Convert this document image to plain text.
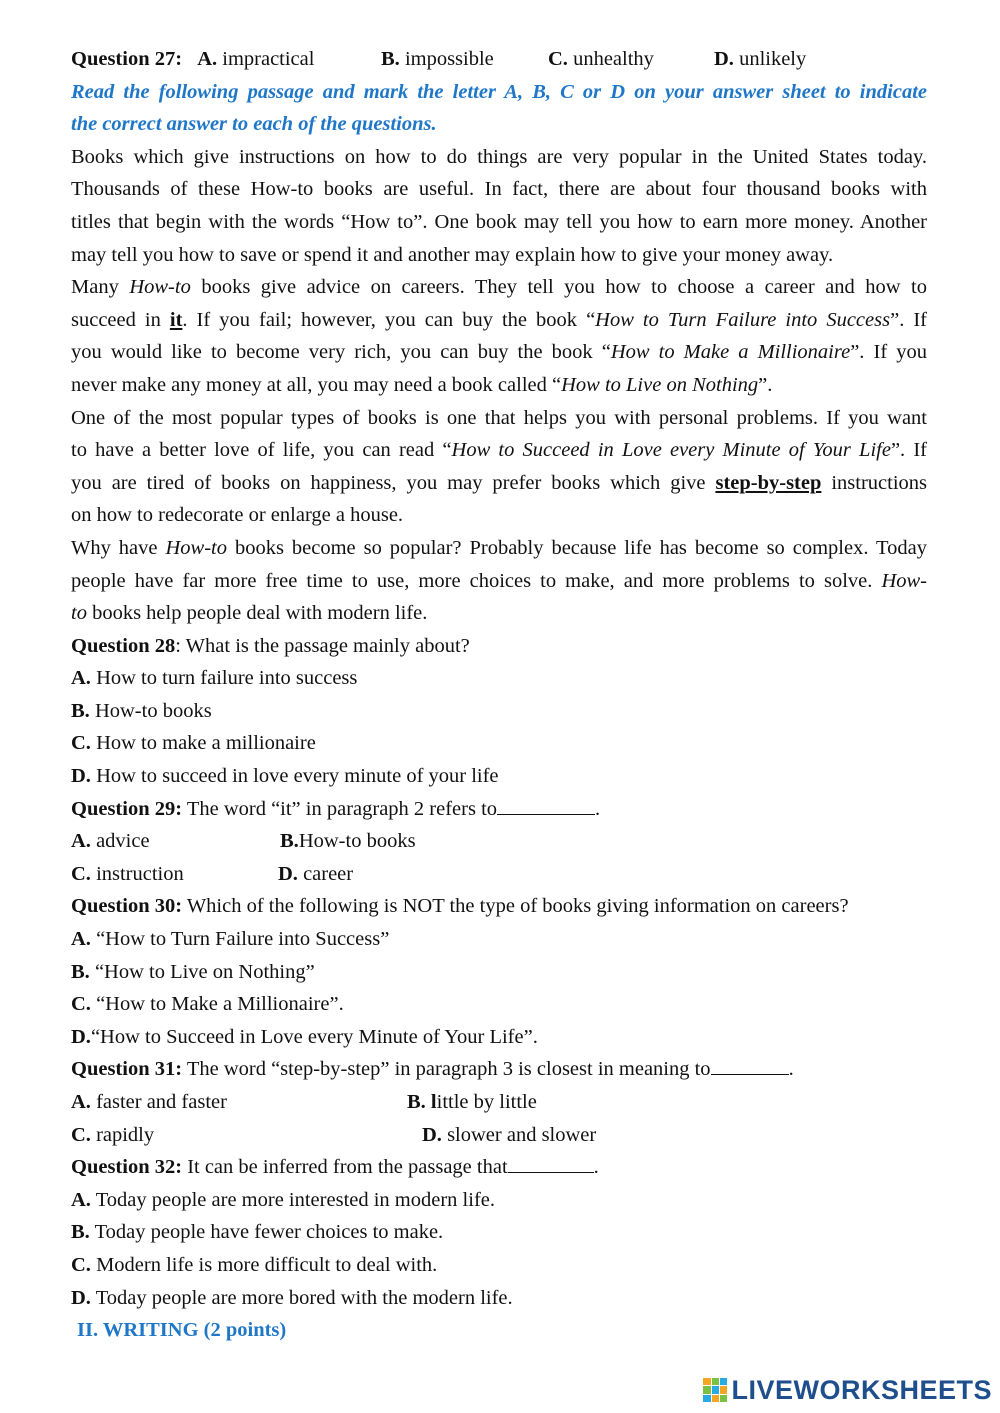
Question 27: A. impractical	B. impossible	C. unhealthy	D. unlikely
Read the following passage and mark the letter A, B, C or D on your answer sheet to indicate
the correct answer to each of the questions.
Books which give instructions on how to do things are very popular in the United States today.
Thousands of these How-to books are useful. In fact, there are about four thousand books with
titles that begin with the words “How to”. One book may tell you how to earn more money. Another
may tell you how to save or spend it and another may explain how to give your money away.
Many How-to books give advice on careers. They tell you how to choose a career and how to
succeed in it. If you fail; however, you can buy the book “How to Turn Failure into Success”. If
you would like to become very rich, you can buy the book “How to Make a Millionaire”. If you
never make any money at all, you may need a book called “How to Live on Nothing”.
One of the most popular types of books is one that helps you with personal problems. If you want
to have a better love of life, you can read “How to Succeed in Love every Minute of Your Life”. If
you are tired of books on happiness, you may prefer books which give step-by-step instructions
on how to redecorate or enlarge a house.
Why have How-to books become so popular? Probably because life has become so complex. Today
people have far more free time to use, more choices to make, and more problems to solve. How-
to books help people deal with modern life.
Question 28: What is the passage mainly about?
A. How to turn failure into success
B. How-to books
C. How to make a millionaire
D. How to succeed in love every minute of your life
Question 29: The word “it” in paragraph 2 refers to	.
A. advice	B.How-to books
C. instruction	D. career
Question 30: Which of the following is NOT the type of books giving information on careers?
A. “How to Turn Failure into Success”
B. “How to Live on Nothing”
C. “How to Make a Millionaire”.
D.“How to Succeed in Love every Minute of Your Life”.
Question 31: The word “step-by-step” in paragraph 3 is closest in meaning to	.
A. faster and faster	B. little by little
C. rapidly	D. slower and slower
Question 32: It can be inferred from the passage that	.
A. Today people are more interested in modern life.
B. Today people have fewer choices to make.
C. Modern life is more difficult to deal with.
D. Today people are more bored with the modern life.
II. WRITING (2 points)
LIVEWORKSHEETS
